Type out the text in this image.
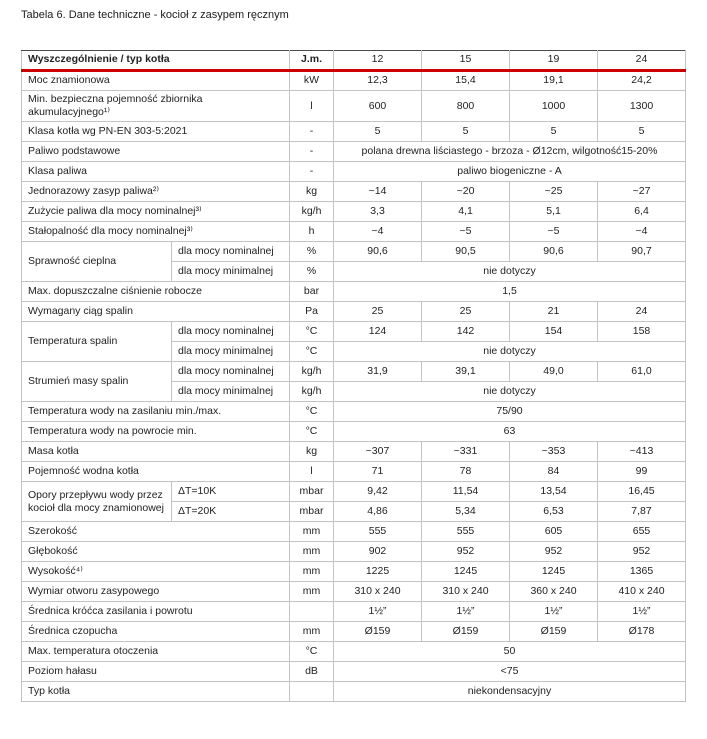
Tabela 6. Dane techniczne - kocioł z zasypem ręcznym
Wyszczególnienie / typ kotła		J.m.	12	15	19	24
Moc znamionowa		kW	12,3	15,4	19,1	24,2
Min. bezpieczna pojemność zbiornika akumulacyjnego¹⁾		l	600	800	1000	1300
Klasa kotła wg PN-EN 303-5:2021		-	5	5	5	5
Paliwo podstawowe		-	polana drewna liściastego - brzoza - Ø12cm, wilgotność15-20%			
Klasa paliwa		-	paliwo biogeniczne - A			
Jednorazowy zasyp paliwa²⁾		kg	~14	~20	~25	~27
Zużycie paliwa dla mocy nominalnej³⁾		kg/h	3,3	4,1	5,1	6,4
Stałopalność dla mocy nominalnej³⁾		h	~4	~5	~5	~4
Sprawność cieplna	dla mocy nominalnej	%	90,6	90,5	90,6	90,7
	dla mocy minimalnej	%	nie dotyczy			
Max. dopuszczalne ciśnienie robocze		bar	1,5			
Wymagany ciąg spalin		Pa	25	25	21	24
Temperatura spalin	dla mocy nominalnej	°C	124	142	154	158
	dla mocy minimalnej	°C	nie dotyczy			
Strumień masy spalin	dla mocy nominalnej	kg/h	31,9	39,1	49,0	61,0
	dla mocy minimalnej	kg/h	nie dotyczy			
Temperatura wody na zasilaniu min./max.		°C	75/90			
Temperatura wody na powrocie min.		°C	63			
Masa kotła		kg	~307	~331	~353	~413
Pojemność wodna kotła		l	71	78	84	99
Opory przepływu wody przez kocioł dla mocy znamionowej	ΔT=10K	mbar	9,42	11,54	13,54	16,45
	ΔT=20K	mbar	4,86	5,34	6,53	7,87
Szerokość		mm	555	555	605	655
Głębokość		mm	902	952	952	952
Wysokość⁴⁾		mm	1225	1245	1245	1365
Wymiar otworu zasypowego		mm	310 x 240	310 x 240	360 x 240	410 x 240
Średnica króćca zasilania i powrotu			1½”	1½”	1½”	1½”
Średnica czopucha		mm	Ø159	Ø159	Ø159	Ø178
Max. temperatura otoczenia		°C	50			
Poziom hałasu		dB	<75			
Typ kotła			niekondensacyjny			
